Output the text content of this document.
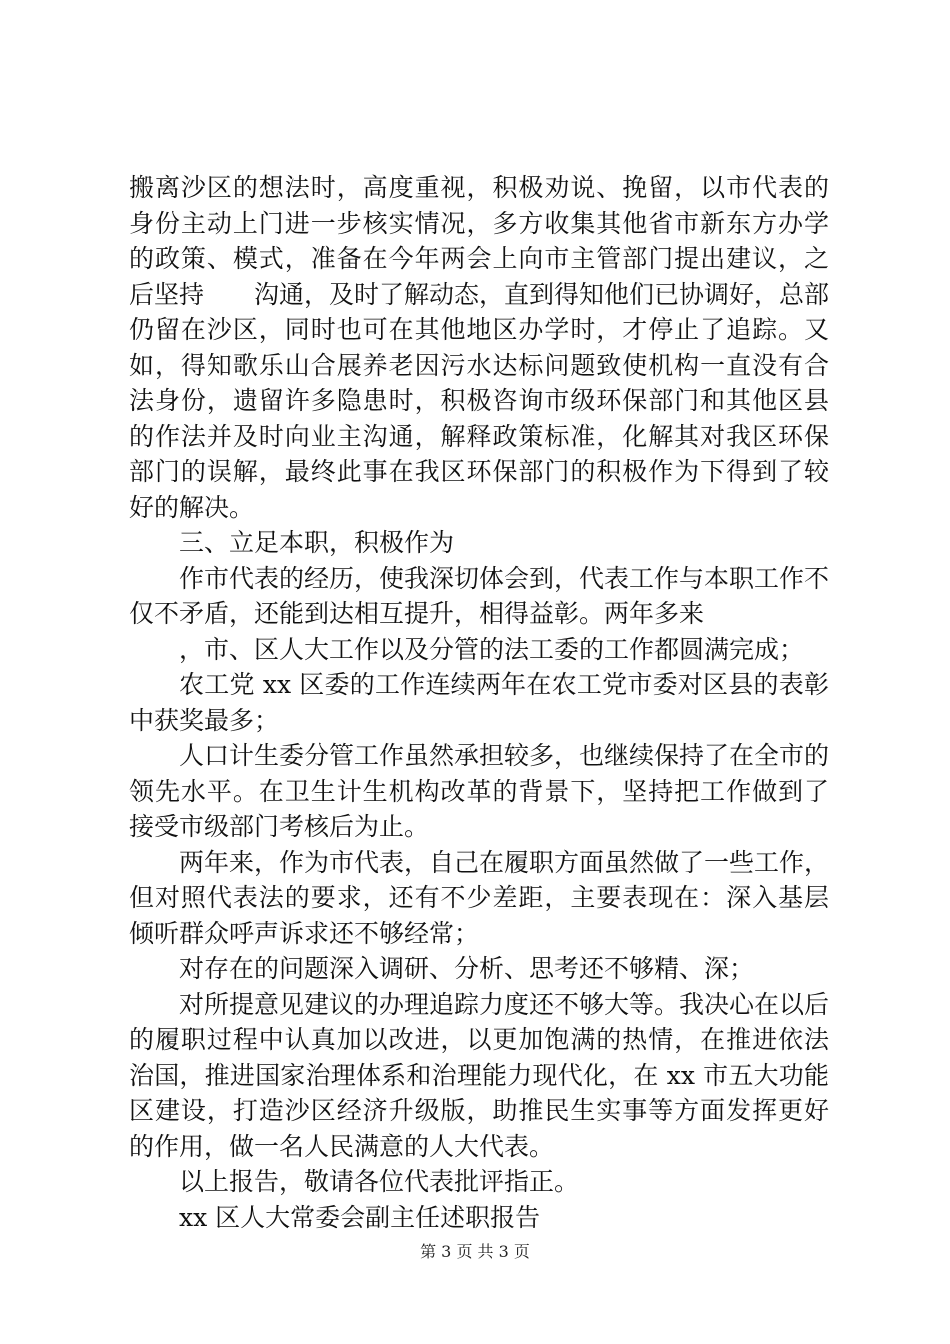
搬离沙区的想法时，高度重视，积极劝说、挽留，以市代表的
身份主动上门进一步核实情况，多方收集其他省市新东方办学
的政策、模式，准备在今年两会上向市主管部门提出建议，之
后坚持　　沟通，及时了解动态，直到得知他们已协调好，总部
仍留在沙区，同时也可在其他地区办学时，才停止了追踪。又
如，得知歌乐山合展养老因污水达标问题致使机构一直没有合
法身份，遗留许多隐患时，积极咨询市级环保部门和其他区县
的作法并及时向业主沟通，解释政策标准，化解其对我区环保
部门的误解，最终此事在我区环保部门的积极作为下得到了较
好的解决。
三、立足本职，积极作为
作市代表的经历，使我深切体会到，代表工作与本职工作不
仅不矛盾，还能到达相互提升，相得益彰。两年多来
，市、区人大工作以及分管的法工委的工作都圆满完成；
农工党 xx 区委的工作连续两年在农工党市委对区县的表彰
中获奖最多；
人口计生委分管工作虽然承担较多，也继续保持了在全市的
领先水平。在卫生计生机构改革的背景下，坚持把工作做到了
接受市级部门考核后为止。
两年来，作为市代表，自己在履职方面虽然做了一些工作，
但对照代表法的要求，还有不少差距，主要表现在：深入基层
倾听群众呼声诉求还不够经常；
对存在的问题深入调研、分析、思考还不够精、深；
对所提意见建议的办理追踪力度还不够大等。我决心在以后
的履职过程中认真加以改进，以更加饱满的热情，在推进依法
治国，推进国家治理体系和治理能力现代化，在 xx 市五大功能
区建设，打造沙区经济升级版，助推民生实事等方面发挥更好
的作用，做一名人民满意的人大代表。
以上报告，敬请各位代表批评指正。
xx 区人大常委会副主任述职报告
第 3 页 共 3 页
